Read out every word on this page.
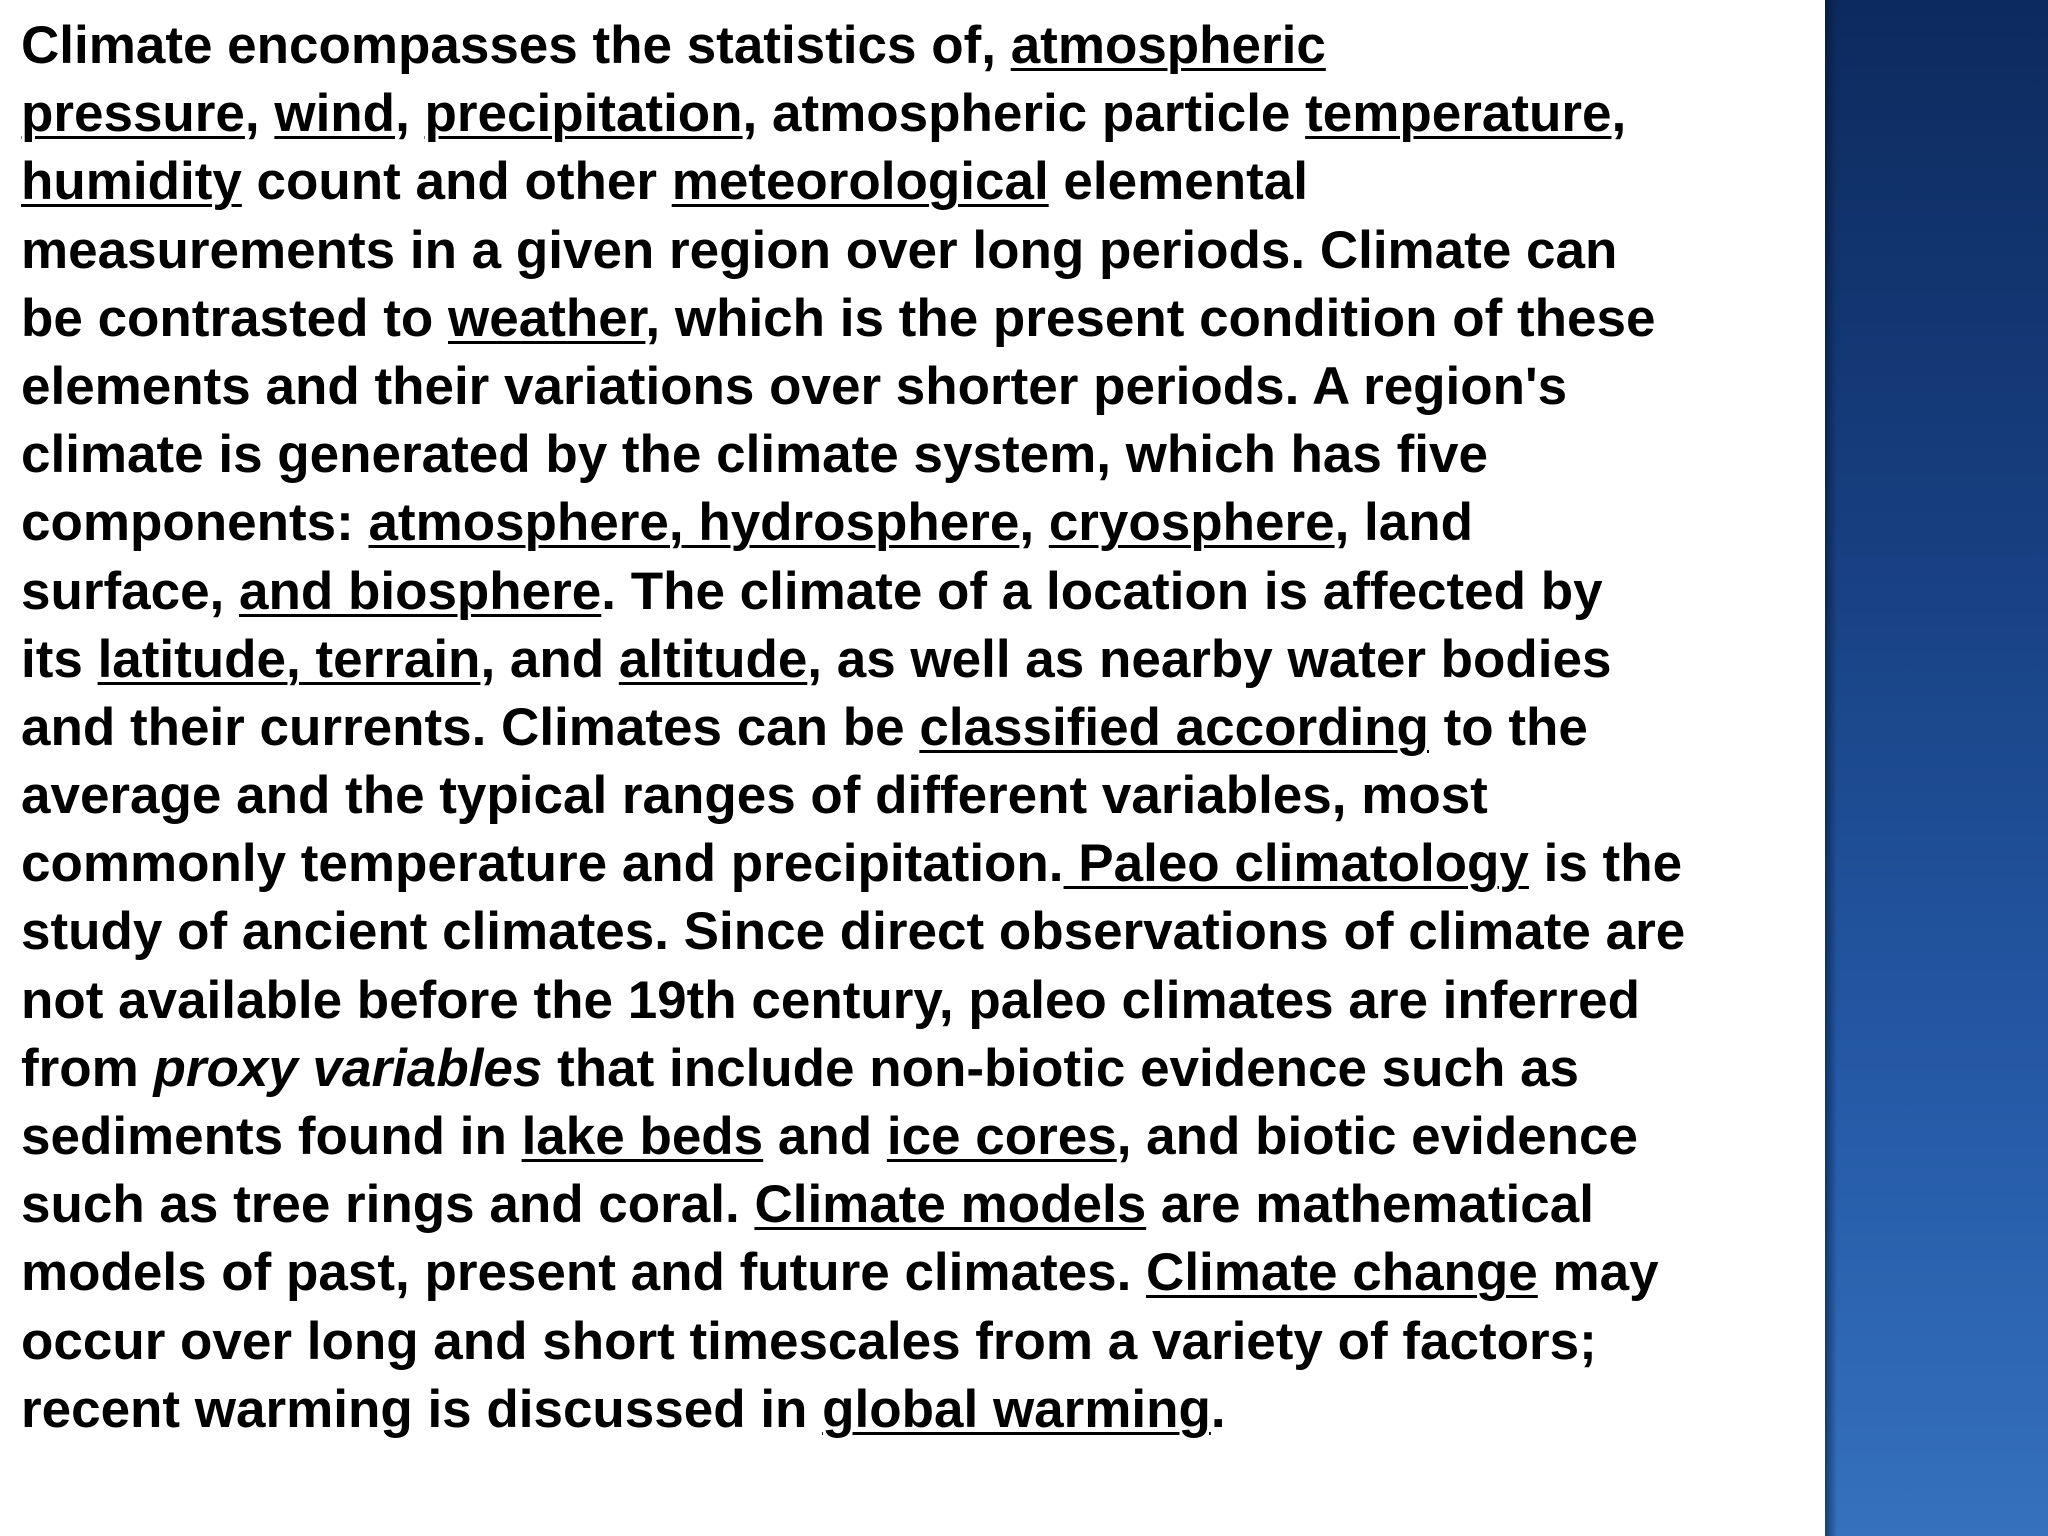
Climate encompasses the statistics of, atmospheric
pressure, wind, precipitation, atmospheric particle temperature,
humidity count and other meteorological elemental
measurements in a given region over long periods. Climate can
be contrasted to weather, which is the present condition of these
elements and their variations over shorter periods. A region's
climate is generated by the climate system, which has five
components: atmosphere, hydrosphere, cryosphere, land
surface, and biosphere. The climate of a location is affected by
its latitude, terrain, and altitude, as well as nearby water bodies
and their currents. Climates can be classified according to the
average and the typical ranges of different variables, most
commonly temperature and precipitation. Paleo climatology is the
study of ancient climates. Since direct observations of climate are
not available before the 19th century, paleo climates are inferred
from proxy variables that include non-biotic evidence such as
sediments found in lake beds and ice cores, and biotic evidence
such as tree rings and coral. Climate models are mathematical
models of past, present and future climates. Climate change may
occur over long and short timescales from a variety of factors;
recent warming is discussed in global warming.
